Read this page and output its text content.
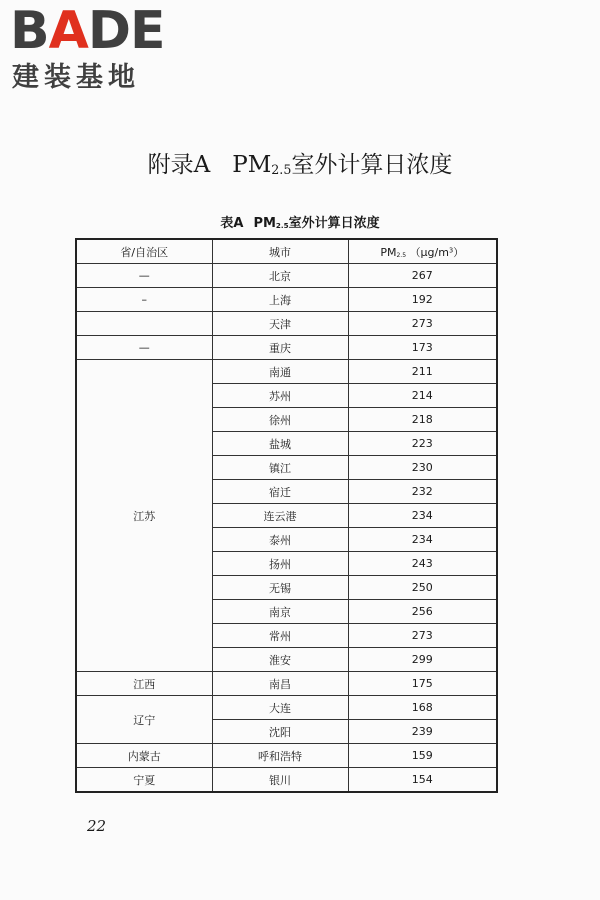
BADE
建装基地
附录A $PM_{2.5}$室外计算日浓度
表A $PM_{2.5}$室外计算日浓度
省/自治区	城市	$PM_{2.5}$ $(\mu g/m^3)$
—	北京	267
–	上海	192
	天津	273
—	重庆	173
江苏	南通	211
	苏州	214
	徐州	218
	盐城	223
	镇江	230
	宿迁	232
	连云港	234
	泰州	234
	扬州	243
	无锡	250
	南京	256
	常州	273
	淮安	299
江西	南昌	175
辽宁	大连	168
	沈阳	239
内蒙古	呼和浩特	159
宁夏	银川	154
22
